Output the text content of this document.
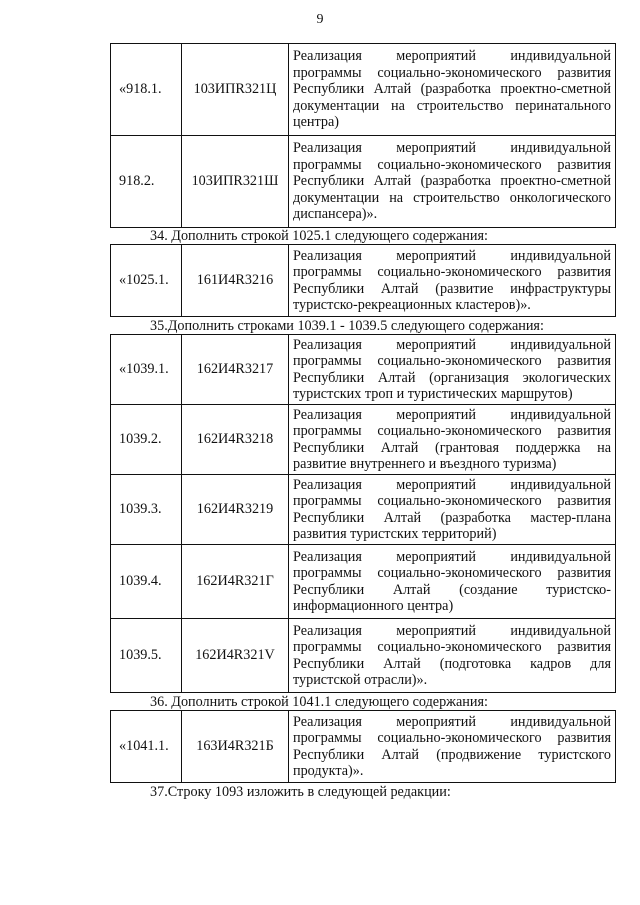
9
«918.1.	103ИПR321Ц	Реализация мероприятий индивидуальной программы социально-экономического развития Республики Алтай (разработка проектно-сметной документации на строительство перинатального центра)
918.2.	103ИПR321Ш	Реализация мероприятий индивидуальной программы социально-экономического развития Республики Алтай (разработка проектно-сметной документации на строительство онкологического диспансера)».
34. Дополнить строкой 1025.1 следующего содержания:
«1025.1.	161И4R3216	Реализация мероприятий индивидуальной программы социально-экономического развития Республики Алтай (развитие инфраструктуры туристско-рекреационных кластеров)».
35.Дополнить строками 1039.1 - 1039.5 следующего содержания:
«1039.1.	162И4R3217	Реализация мероприятий индивидуальной программы социально-экономического развития Республики Алтай (организация экологических туристских троп и туристических маршрутов)
1039.2.	162И4R3218	Реализация мероприятий индивидуальной программы социально-экономического развития Республики Алтай (грантовая поддержка на развитие внутреннего и въездного туризма)
1039.3.	162И4R3219	Реализация мероприятий индивидуальной программы социально-экономического развития Республики Алтай (разработка мастер-плана развития туристских территорий)
1039.4.	162И4R321Г	Реализация мероприятий индивидуальной программы социально-экономического развития Республики Алтай (создание туристско-информационного центра)
1039.5.	162И4R321V	Реализация мероприятий индивидуальной программы социально-экономического развития Республики Алтай (подготовка кадров для туристской отрасли)».
36. Дополнить строкой 1041.1 следующего содержания:
«1041.1.	163И4R321Б	Реализация мероприятий индивидуальной программы социально-экономического развития Республики Алтай (продвижение туристского продукта)».
37.Строку 1093 изложить в следующей редакции:
